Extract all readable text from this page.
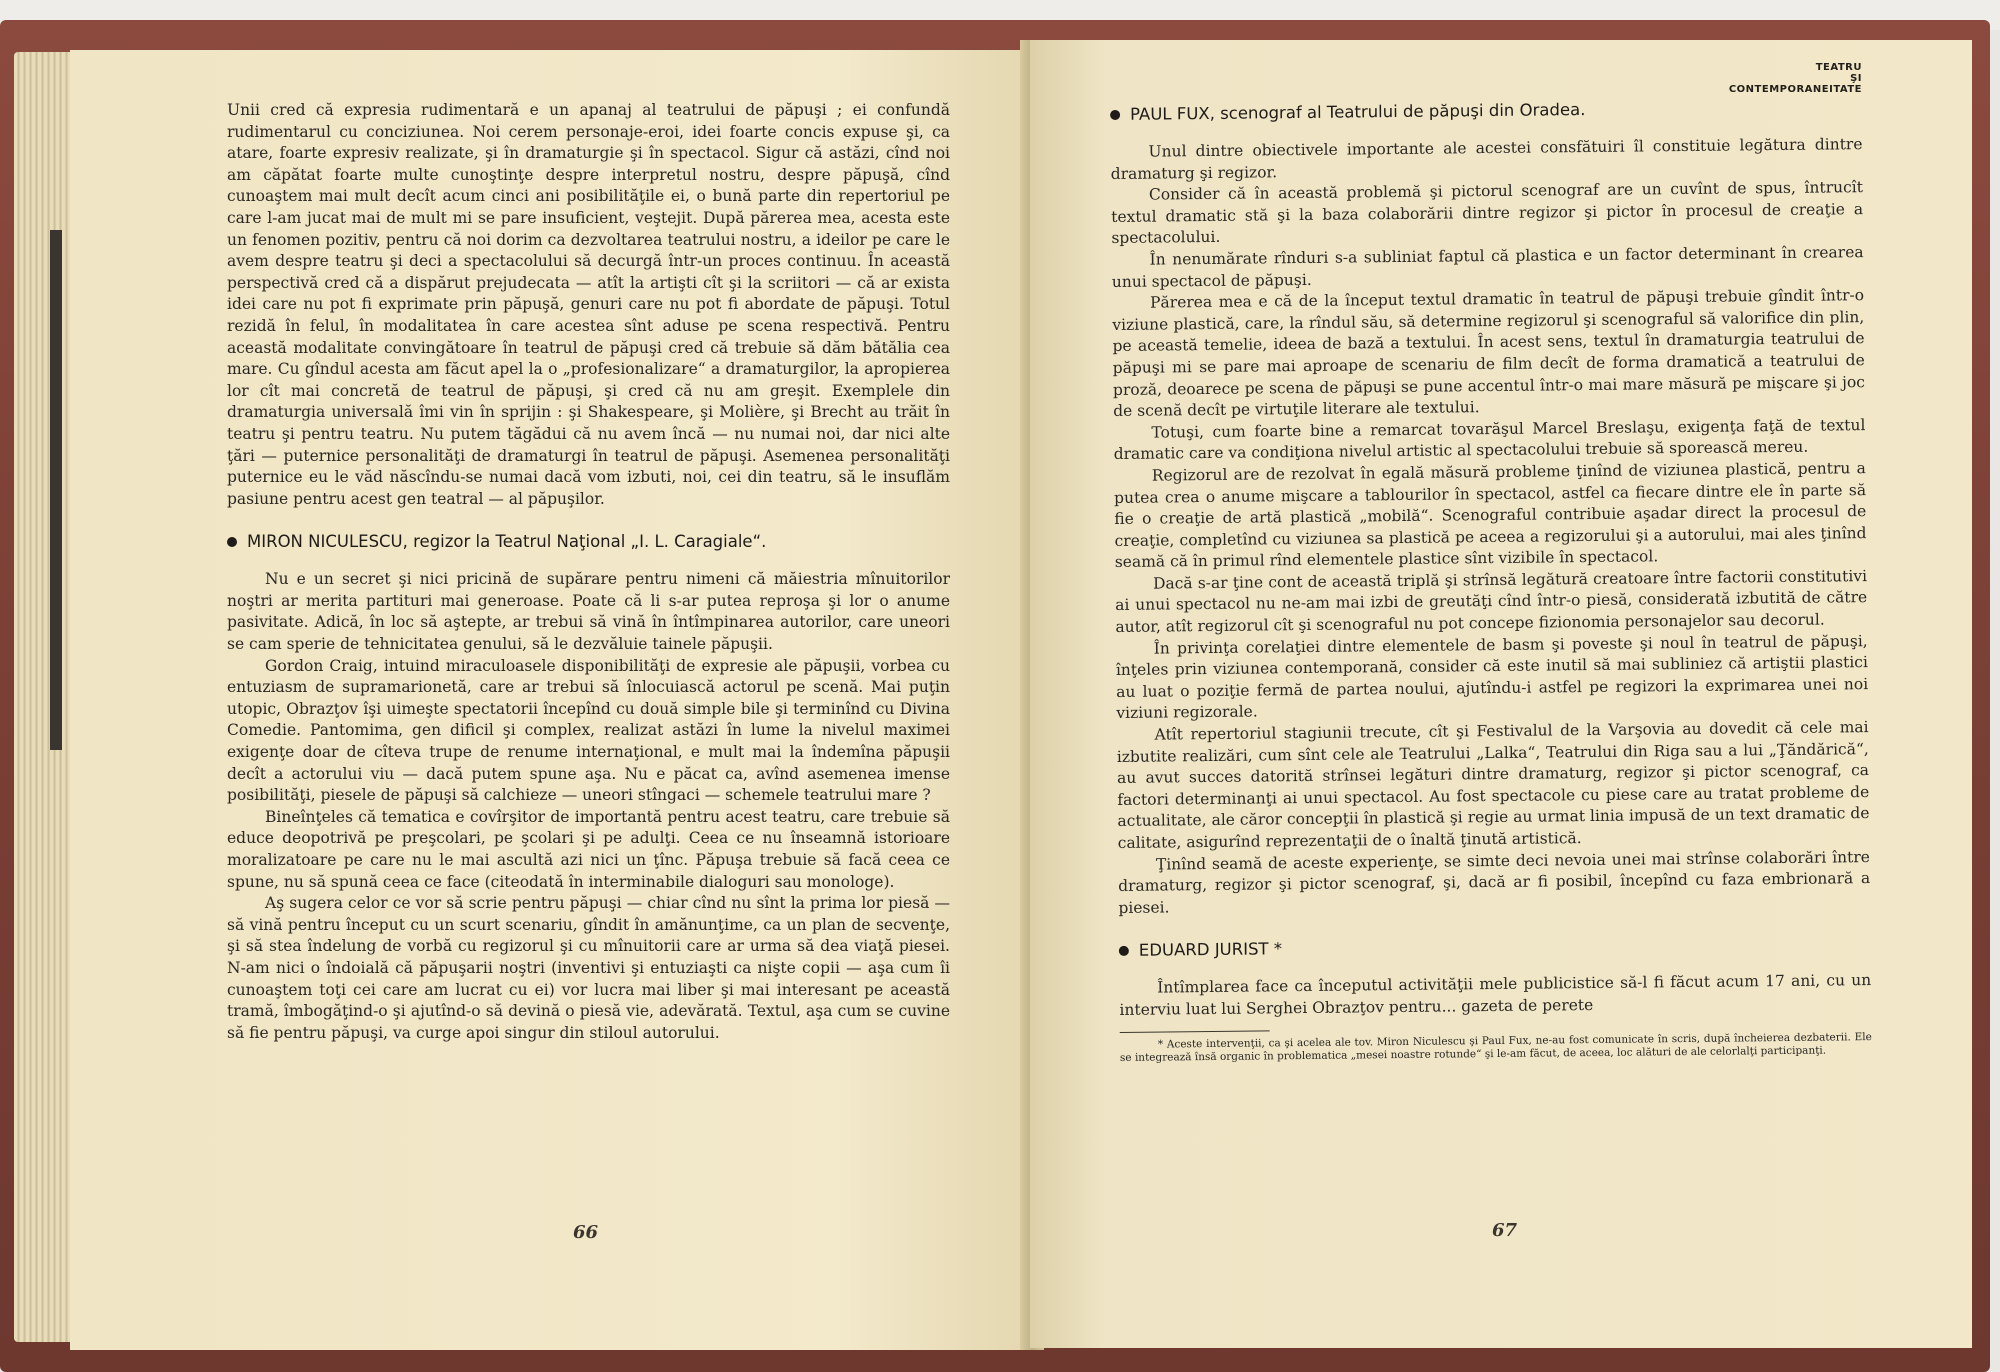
Unii cred că expresia rudimentară e un apanaj al teatrului de păpuşi ; ei confundă rudimentarul cu conciziunea. Noi cerem personaje-eroi, idei foarte concis expuse şi, ca atare, foarte expresiv realizate, şi în dramaturgie şi în spectacol. Sigur că astăzi, cînd noi am căpătat foarte multe cunoştinţe despre interpretul nostru, despre păpuşă, cînd cunoaştem mai mult decît acum cinci ani posibilităţile ei, o bună parte din repertoriul pe care l-am jucat mai de mult mi se pare insuficient, veştejit. După părerea mea, acesta este un fenomen pozitiv, pentru că noi dorim ca dezvoltarea teatrului nostru, a ideilor pe care le avem despre teatru şi deci a spectacolului să decurgă într-un proces continuu. În această perspectivă cred că a dispărut prejudecata — atît la artişti cît şi la scriitori — că ar exista idei care nu pot fi exprimate prin păpuşă, genuri care nu pot fi abordate de păpuşi. Totul rezidă în felul, în modalitatea în care acestea sînt aduse pe scena respectivă. Pentru această modalitate convingătoare în teatrul de păpuşi cred că trebuie să dăm bătălia cea mare. Cu gîndul acesta am făcut apel la o „profesionalizare“ a dramaturgilor, la apropierea lor cît mai concretă de teatrul de păpuşi, şi cred că nu am greşit. Exemplele din dramaturgia universală îmi vin în sprijin : şi Shakespeare, şi Molière, şi Brecht au trăit în teatru şi pentru teatru. Nu putem tăgădui că nu avem încă — nu numai noi, dar nici alte ţări — puternice personalităţi de dramaturgi în teatrul de păpuşi. Asemenea personalităţi puternice eu le văd născîndu-se numai dacă vom izbuti, noi, cei din teatru, să le insuflăm pasiune pentru acest gen teatral — al păpuşilor.

MIRON NICULESCU, regizor la Teatrul Naţional „I. L. Caragiale“.

Nu e un secret şi nici pricină de supărare pentru nimeni că măiestria mînuitorilor noştri ar merita partituri mai generoase. Poate că li s-ar putea reproşa şi lor o anume pasivitate. Adică, în loc să aştepte, ar trebui să vină în întîmpinarea autorilor, care uneori se cam sperie de tehnicitatea genului, să le dezvăluie tainele păpuşii.

Gordon Craig, intuind miraculoasele disponibilităţi de expresie ale păpuşii, vorbea cu entuziasm de supramarionetă, care ar trebui să înlocuiască actorul pe scenă. Mai puţin utopic, Obrazţov îşi uimeşte spectatorii începînd cu două simple bile şi terminînd cu Divina Comedie. Pantomima, gen dificil şi complex, realizat astăzi în lume la nivelul maximei exigenţe doar de cîteva trupe de renume internaţional, e mult mai la îndemîna păpuşii decît a actorului viu — dacă putem spune aşa. Nu e păcat ca, avînd asemenea imense posibilităţi, piesele de păpuşi să calchieze — uneori stîngaci — schemele teatrului mare ?

Bineînţeles că tematica e covîrşitor de importantă pentru acest teatru, care trebuie să educe deopotrivă pe preşcolari, pe şcolari şi pe adulţi. Ceea ce nu înseamnă istorioare moralizatoare pe care nu le mai ascultă azi nici un ţînc. Păpuşa trebuie să facă ceea ce spune, nu să spună ceea ce face (citeodată în interminabile dialoguri sau monologe).

Aş sugera celor ce vor să scrie pentru păpuşi — chiar cînd nu sînt la prima lor piesă — să vină pentru început cu un scurt scenariu, gîndit în amănunţime, ca un plan de secvenţe, şi să stea îndelung de vorbă cu regizorul şi cu mînuitorii care ar urma să dea viaţă piesei. N-am nici o îndoială că păpuşarii noştri (inventivi şi entuziaşti ca nişte copii — aşa cum îi cunoaştem toţi cei care am lucrat cu ei) vor lucra mai liber şi mai interesant pe această tramă, îmbogăţind-o şi ajutînd-o să devină o piesă vie, adevărată. Textul, aşa cum se cuvine să fie pentru păpuşi, va curge apoi singur din stiloul autorului.

66
TEATRU
ŞI
CONTEMPORANEITATE
PAUL FUX, scenograf al Teatrului de păpuşi din Oradea.

Unul dintre obiectivele importante ale acestei consfătuiri îl constituie legătura dintre dramaturg şi regizor.

Consider că în această problemă şi pictorul scenograf are un cuvînt de spus, întrucît textul dramatic stă şi la baza colaborării dintre regizor şi pictor în procesul de creaţie a spectacolului.

În nenumărate rînduri s-a subliniat faptul că plastica e un factor determinant în crearea unui spectacol de păpuşi.

Părerea mea e că de la început textul dramatic în teatrul de păpuşi trebuie gîndit într-o viziune plastică, care, la rîndul său, să determine regizorul şi scenograful să valorifice din plin, pe această temelie, ideea de bază a textului. În acest sens, textul în dramaturgia teatrului de păpuşi mi se pare mai aproape de scenariu de film decît de forma dramatică a teatrului de proză, deoarece pe scena de păpuşi se pune accentul într-o mai mare măsură pe mişcare şi joc de scenă decît pe virtuţile literare ale textului.

Totuşi, cum foarte bine a remarcat tovarăşul Marcel Breslaşu, exigenţa faţă de textul dramatic care va condiţiona nivelul artistic al spectacolului trebuie să sporească mereu.

Regizorul are de rezolvat în egală măsură probleme ţinînd de viziunea plastică, pentru a putea crea o anume mişcare a tablourilor în spectacol, astfel ca fiecare dintre ele în parte să fie o creaţie de artă plastică „mobilă“. Scenograful contribuie aşadar direct la procesul de creaţie, completînd cu viziunea sa plastică pe aceea a regizorului şi a autorului, mai ales ţinînd seamă că în primul rînd elementele plastice sînt vizibile în spectacol.

Dacă s-ar ţine cont de această triplă şi strînsă legătură creatoare între factorii constitutivi ai unui spectacol nu ne-am mai izbi de greutăţi cînd într-o piesă, considerată izbutită de către autor, atît regizorul cît şi scenograful nu pot concepe fizionomia personajelor sau decorul.

În privinţa corelaţiei dintre elementele de basm şi poveste şi noul în teatrul de păpuşi, înţeles prin viziunea contemporană, consider că este inutil să mai subliniez că artiştii plastici au luat o poziţie fermă de partea noului, ajutîndu-i astfel pe regizori la exprimarea unei noi viziuni regizorale.

Atît repertoriul stagiunii trecute, cît şi Festivalul de la Varşovia au dovedit că cele mai izbutite realizări, cum sînt cele ale Teatrului „Lalka“, Teatrului din Riga sau a lui „Ţăndărică“, au avut succes datorită strînsei legături dintre dramaturg, regizor şi pictor scenograf, ca factori determinanţi ai unui spectacol. Au fost spectacole cu piese care au tratat probleme de actualitate, ale căror concepţii în plastică şi regie au urmat linia impusă de un text dramatic de calitate, asigurînd reprezentaţii de o înaltă ţinută artistică.

Ţinînd seamă de aceste experienţe, se simte deci nevoia unei mai strînse colaborări între dramaturg, regizor şi pictor scenograf, şi, dacă ar fi posibil, începînd cu faza embrionară a piesei.

EDUARD JURIST *

Întîmplarea face ca începutul activităţii mele publicistice să-l fi făcut acum 17 ani, cu un interviu luat lui Serghei Obrazţov pentru... gazeta de perete

* Aceste intervenţii, ca şi acelea ale tov. Miron Niculescu şi Paul Fux, ne-au fost comunicate în scris, după încheierea dezbaterii. Ele se integrează însă organic în problematica „mesei noastre rotunde“ şi le-am făcut, de aceea, loc alături de ale celorlalţi participanţi.

67
